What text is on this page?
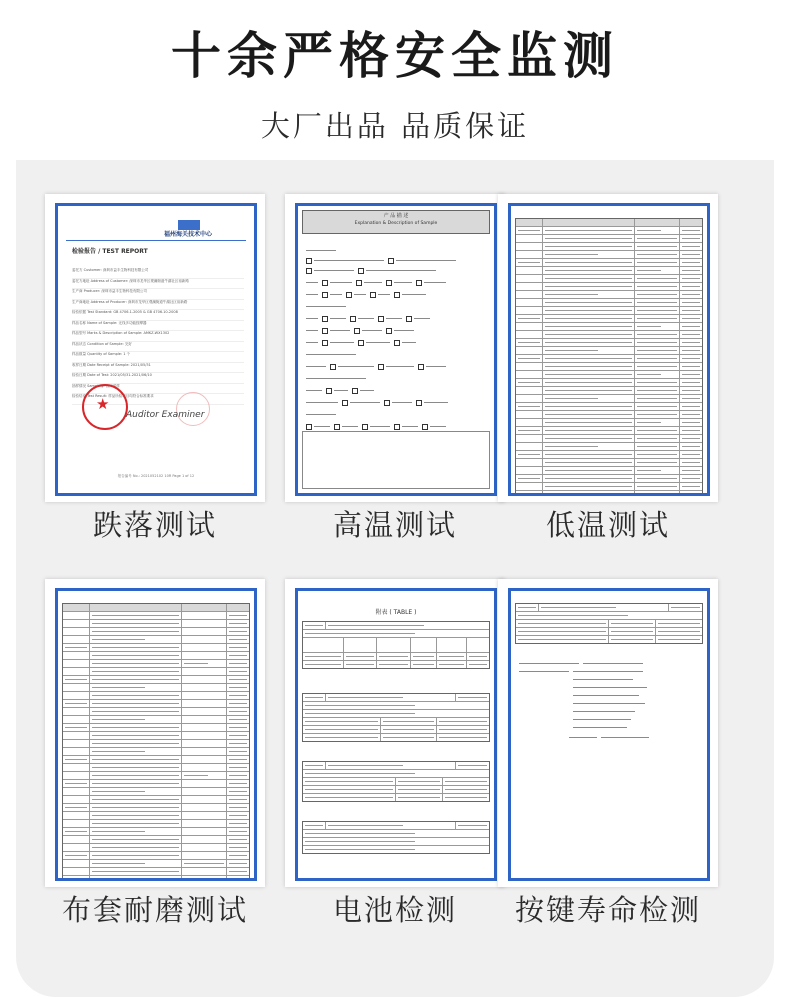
十余严格安全监测
大厂出品 品质保证
福州海关技术中心
检验报告 / TEST REPORT
委托方 Customer: 深圳市益丰生物科技有限公司
委托方地址 Address of Customer: 深圳市龙华区观澜街道牛湖社区裕新路
生产商 Producer: 深圳市益丰生物科技有限公司
生产商地址 Address of Producer: 深圳市龙华区观澜街道牛湖社区裕新路
检验依据 Test Standard: GB 4706.1-2005 & GB 4706.10-2008
样品名称 Name of Sample: 无线多功能按摩器
样品型号 Marks & Description of Sample: AMKZ-WX1302
样品状态 Condition of Sample: 完好
样品数量 Quantity of Sample: 1 个
收样日期 Date Receipt of Sample: 2021/05/31
检验日期 Date of Test: 2021/05/31-2021/06/10
抽样情况 Sampling: 客户送样
检验结论 Test Result: 样品所检项目均符合标准要求
★
Auditor Examiner
报告编号 No.: 2021052102 10R Page 1 of 12
跌落测试
产 品 描 述
Explanation & Description of Sample
高温测试	低温测试
布套耐磨测试
附表 ( TABLE )
电池检测	按键寿命检测
